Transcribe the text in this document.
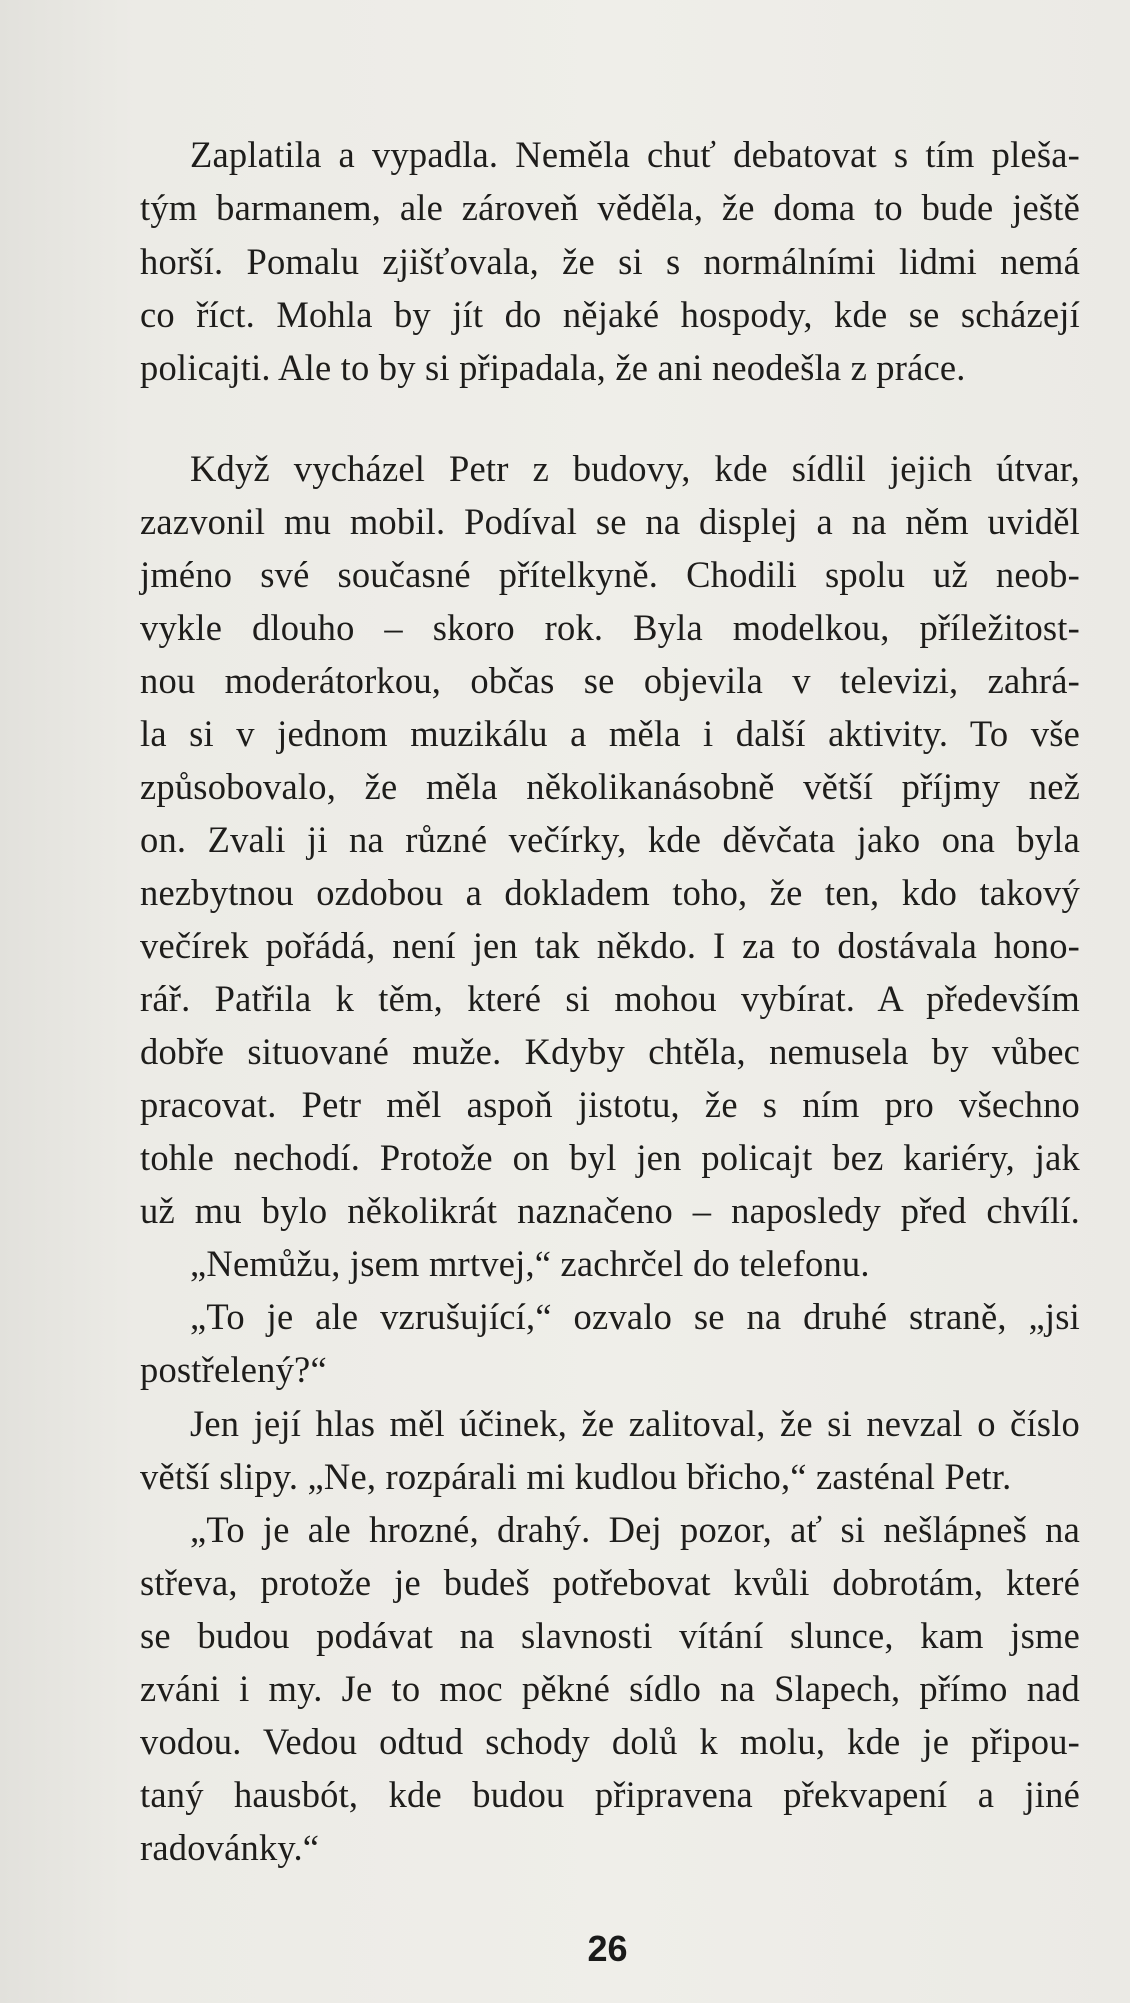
Zaplatila a vypadla. Neměla chuť debatovat s tím pleša-
tým barmanem, ale zároveň věděla, že doma to bude ještě
horší. Pomalu zjišťovala, že si s normálními lidmi nemá
co říct. Mohla by jít do nějaké hospody, kde se scházejí
policajti. Ale to by si připadala, že ani neodešla z práce.
Když vycházel Petr z budovy, kde sídlil jejich útvar,
zazvonil mu mobil. Podíval se na displej a na něm uviděl
jméno své současné přítelkyně. Chodili spolu už neob-
vykle dlouho – skoro rok. Byla modelkou, příležitost-
nou moderátorkou, občas se objevila v televizi, zahrá-
la si v jednom muzikálu a měla i další aktivity. To vše
způsobovalo, že měla několikanásobně větší příjmy než
on. Zvali ji na různé večírky, kde děvčata jako ona byla
nezbytnou ozdobou a dokladem toho, že ten, kdo takový
večírek pořádá, není jen tak někdo. I za to dostávala hono-
rář. Patřila k těm, které si mohou vybírat. A především
dobře situované muže. Kdyby chtěla, nemusela by vůbec
pracovat. Petr měl aspoň jistotu, že s ním pro všechno
tohle nechodí. Protože on byl jen policajt bez kariéry, jak
už mu bylo několikrát naznačeno – naposledy před chvílí.
„Nemůžu, jsem mrtvej,“ zachrčel do telefonu.
„To je ale vzrušující,“ ozvalo se na druhé straně, „jsi
postřelený?“
Jen její hlas měl účinek, že zalitoval, že si nevzal o číslo
větší slipy. „Ne, rozpárali mi kudlou břicho,“ zasténal Petr.
„To je ale hrozné, drahý. Dej pozor, ať si nešlápneš na
střeva, protože je budeš potřebovat kvůli dobrotám, které
se budou podávat na slavnosti vítání slunce, kam jsme
zváni i my. Je to moc pěkné sídlo na Slapech, přímo nad
vodou. Vedou odtud schody dolů k molu, kde je připou-
taný hausbót, kde budou připravena překvapení a jiné
radovánky.“
26
